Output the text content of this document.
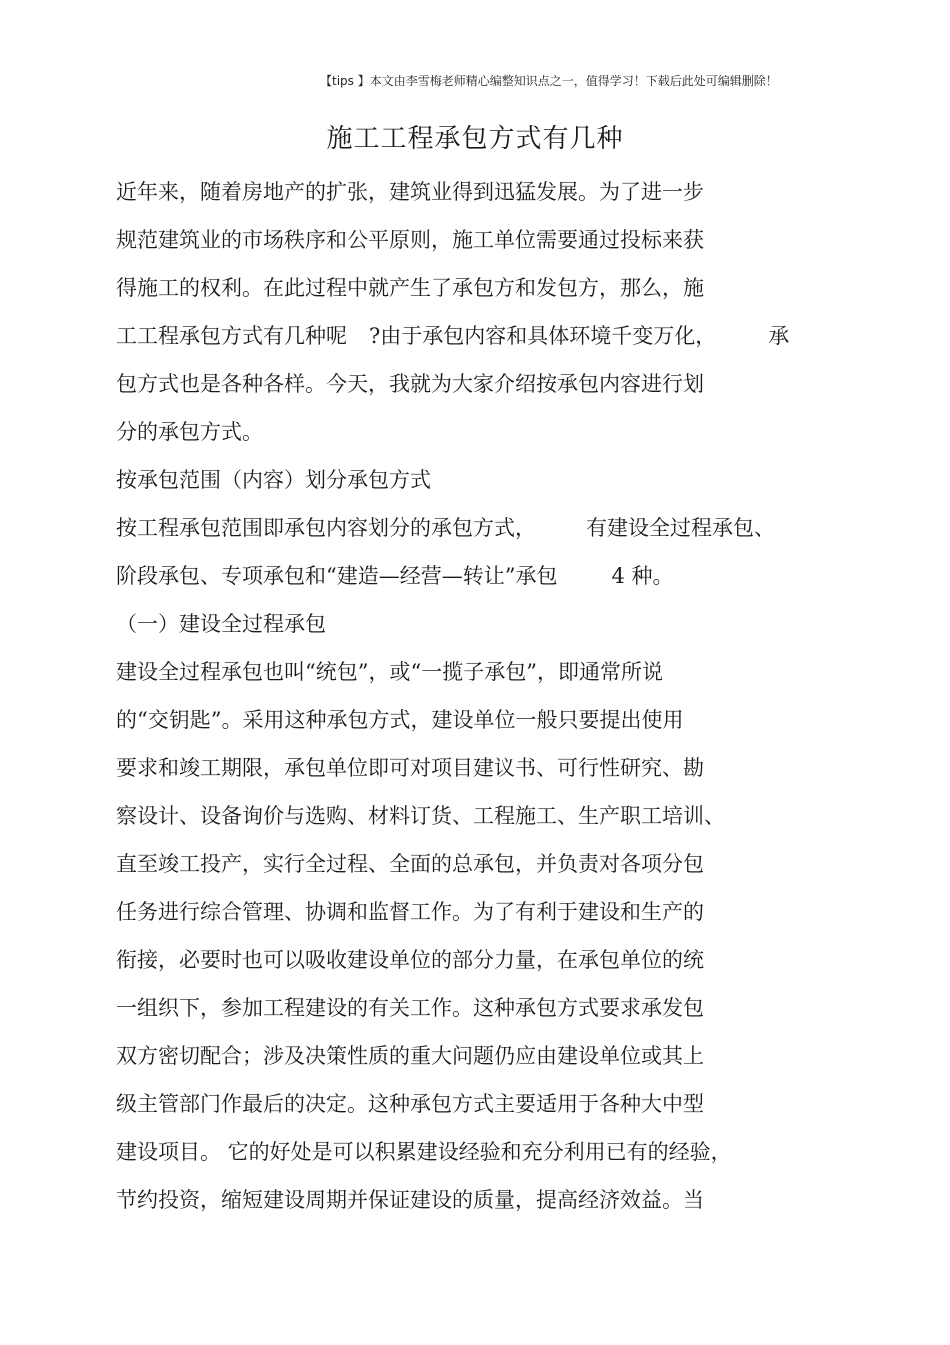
【tips 】本文由李雪梅老师精心编整知识点之一，值得学习！下载后此处可编辑删除！
施工工程承包方式有几种
近年来，随着房地产的扩张，建筑业得到迅猛发展。为了进一步
规范建筑业的市场秩序和公平原则，施工单位需要通过投标来获
得施工的权利。在此过程中就产生了承包方和发包方，那么，施
工工程承包方式有几种呢 ?由于承包内容和具体环境千变万化， 承
包方式也是各种各样。今天，我就为大家介绍按承包内容进行划
分的承包方式。
按承包范围（内容）划分承包方式
按工程承包范围即承包内容划分的承包方式， 有建设全过程承包、
阶段承包、专项承包和“建造—经营—转让”承包	4 种。
（一）建设全过程承包
建设全过程承包也叫“统包”，或“一揽子承包”，即通常所说
的“交钥匙”。采用这种承包方式，建设单位一般只要提出使用
要求和竣工期限，承包单位即可对项目建议书、可行性研究、勘
察设计、设备询价与选购、材料订货、工程施工、生产职工培训、
直至竣工投产，实行全过程、全面的总承包，并负责对各项分包
任务进行综合管理、协调和监督工作。为了有利于建设和生产的
衔接，必要时也可以吸收建设单位的部分力量，在承包单位的统
一组织下，参加工程建设的有关工作。这种承包方式要求承发包
双方密切配合；涉及决策性质的重大问题仍应由建设单位或其上
级主管部门作最后的决定。这种承包方式主要适用于各种大中型
建设项目。 它的好处是可以积累建设经验和充分利用已有的经验，
节约投资，缩短建设周期并保证建设的质量，提高经济效益。当
